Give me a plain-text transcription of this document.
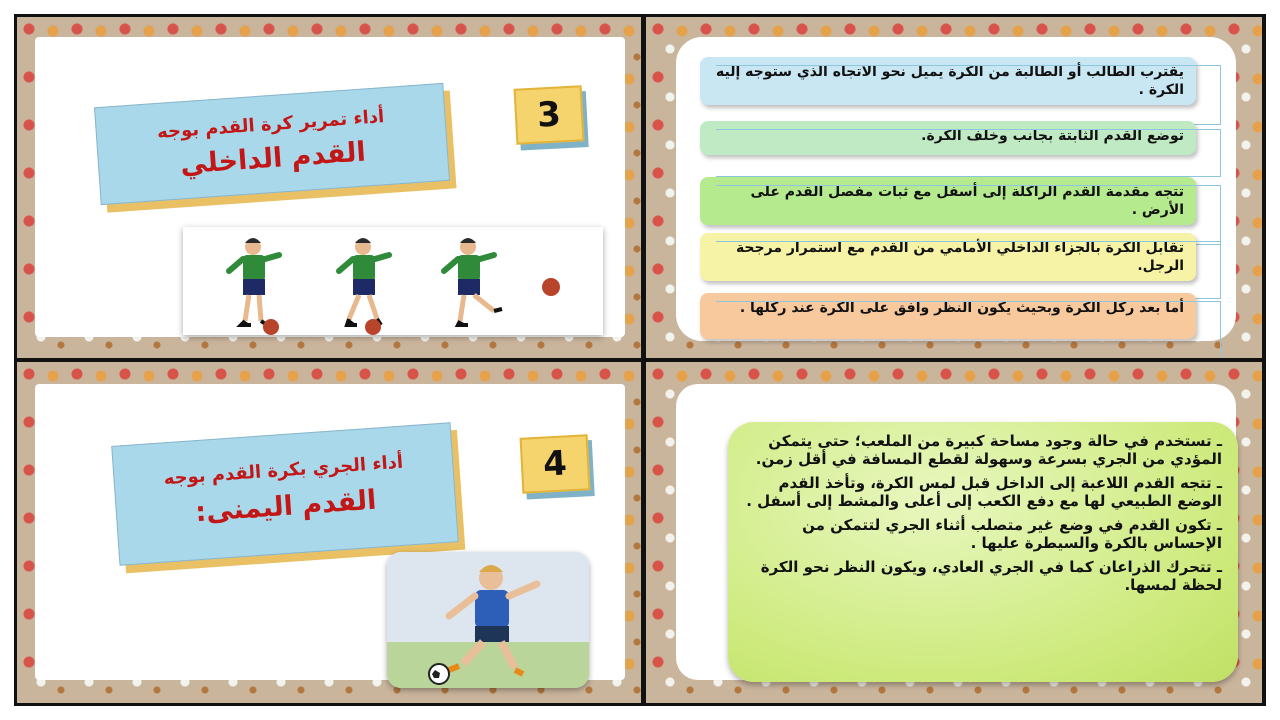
أداء تمرير كرة القدم بوجه
القدم الداخلي
3
يقترب الطالب أو الطالبة من الكرة يميل نحو الاتجاه الذي ستوجه إليه الكرة .
توضع القدم الثابتة بجانب وخلف الكرة.
تتجه مقدمة القدم الراكلة إلى أسفل مع ثبات مفصل القدم على الأرض .
تقابل الكرة بالجزاء الداخلي الأمامي من القدم مع استمرار مرجحة الرجل.
أما بعد ركل الكرة وبحيث يكون النظر وافق على الكرة عند ركلها .
أداء الجري بكرة القدم بوجه
القدم اليمنى:
4
ـ تستخدم في حالة وجود مساحة كبيرة من الملعب؛ حتى يتمكن المؤدي من الجري بسرعة وسهولة لقطع المسافة في أقل زمن.
ـ تتجه القدم اللاعبة إلى الداخل قبل لمس الكرة، وتأخذ القدم الوضع الطبيعي لها مع دفع الكعب إلى أعلى والمشط إلى أسفل .
ـ تكون القدم في وضع غير متصلب أثناء الجري لتتمكن من الإحساس بالكرة والسيطرة عليها .
ـ تتحرك الذراعان كما في الجري العادي، ويكون النظر نحو الكرة لحظة لمسها.
